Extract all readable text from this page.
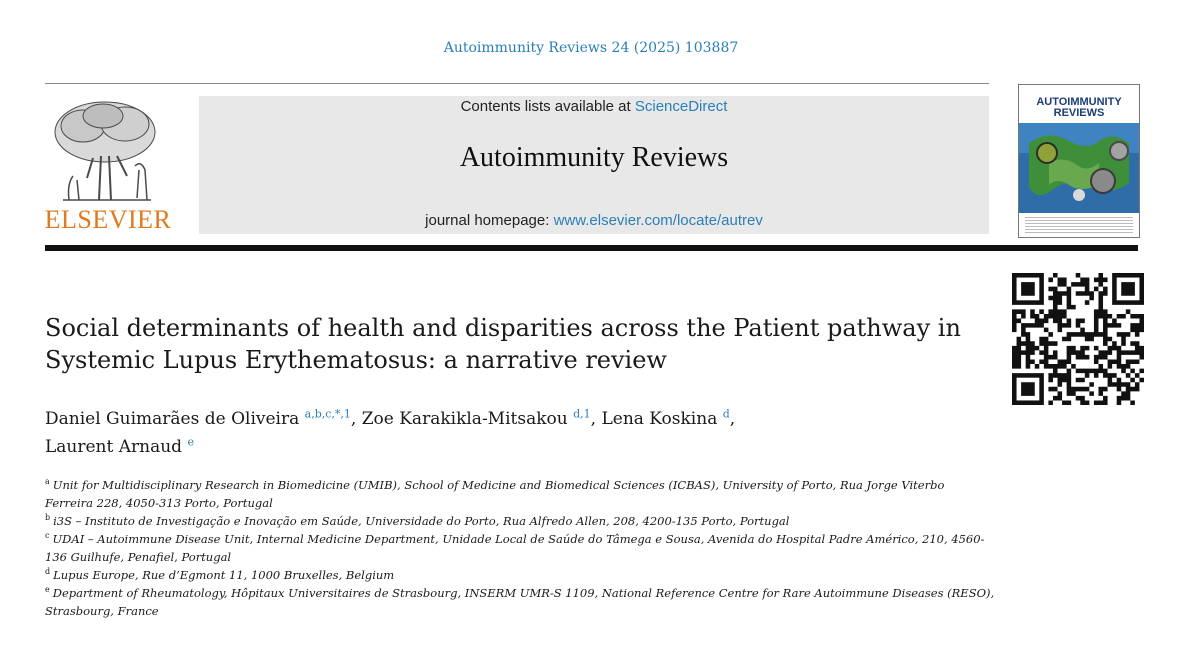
Autoimmunity Reviews 24 (2025) 103887
ELSEVIER
Contents lists available at ScienceDirect
Autoimmunity Reviews
journal homepage: www.elsevier.com/locate/autrev
AUTOIMMUNITY
REVIEWS
Social determinants of health and disparities across the Patient pathway in Systemic Lupus Erythematosus: a narrative review
Daniel Guimarães de Oliveira $^{a,b,c,*,1}$, Zoe Karakikla-Mitsakou $^{d,1}$, Lena Koskina $^d$,
Laurent Arnaud $^e$

$^a$ Unit for Multidisciplinary Research in Biomedicine (UMIB), School of Medicine and Biomedical Sciences (ICBAS), University of Porto, Rua Jorge Viterbo Ferreira 228, 4050-313 Porto, Portugal

$^b$ i3S – Instituto de Investigação e Inovação em Saúde, Universidade do Porto, Rua Alfredo Allen, 208, 4200-135 Porto, Portugal

$^c$ UDAI – Autoimmune Disease Unit, Internal Medicine Department, Unidade Local de Saúde do Tâmega e Sousa, Avenida do Hospital Padre Américo, 210, 4560-136 Guilhufe, Penafiel, Portugal

$^d$ Lupus Europe, Rue d’Egmont 11, 1000 Bruxelles, Belgium

$^e$ Department of Rheumatology, Hôpitaux Universitaires de Strasbourg, INSERM UMR-S 1109, National Reference Centre for Rare Autoimmune Diseases (RESO), Strasbourg, France
